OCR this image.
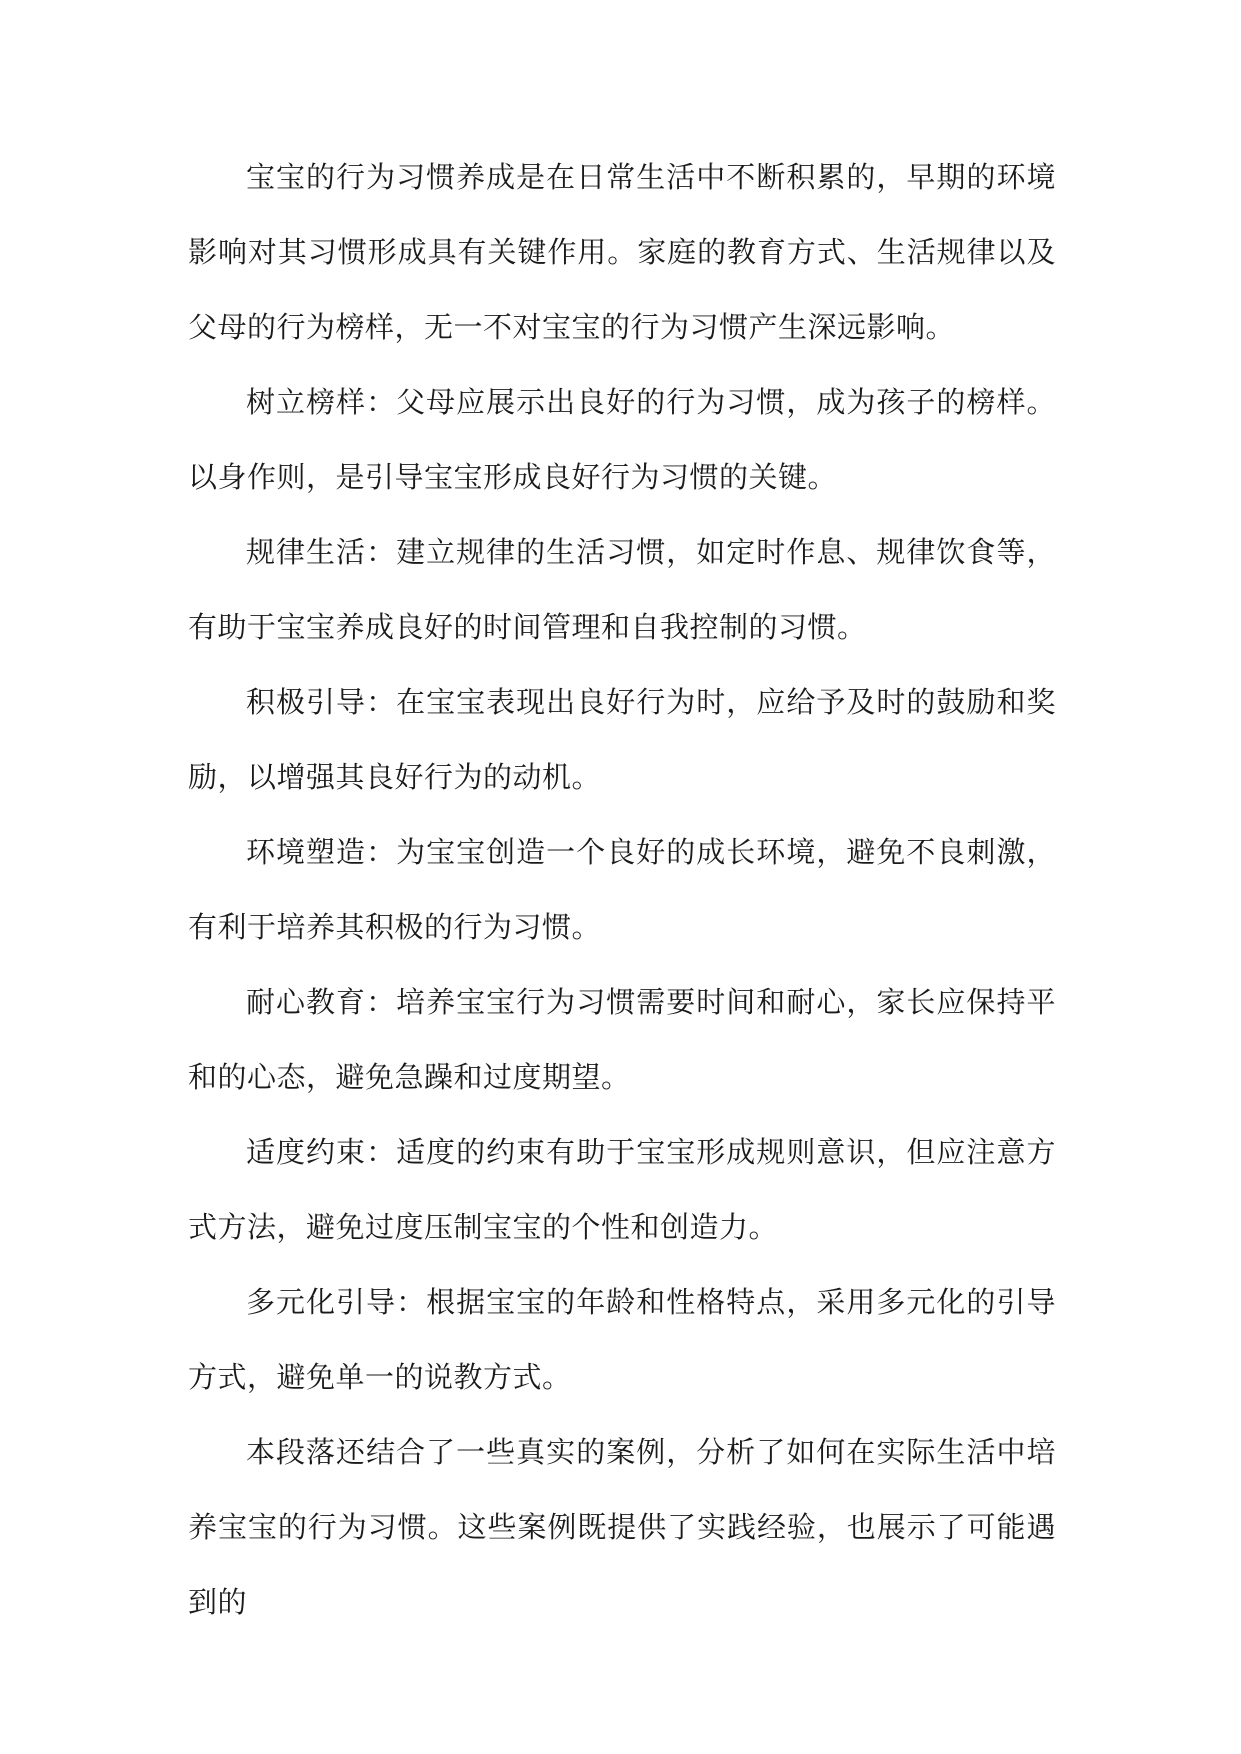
宝宝的行为习惯养成是在日常生活中不断积累的，早期的环境影响对其习惯形成具有关键作用。家庭的教育方式、生活规律以及父母的行为榜样，无一不对宝宝的行为习惯产生深远影响。

树立榜样：父母应展示出良好的行为习惯，成为孩子的榜样。以身作则，是引导宝宝形成良好行为习惯的关键。

规律生活：建立规律的生活习惯，如定时作息、规律饮食等，有助于宝宝养成良好的时间管理和自我控制的习惯。

积极引导：在宝宝表现出良好行为时，应给予及时的鼓励和奖励，以增强其良好行为的动机。

环境塑造：为宝宝创造一个良好的成长环境，避免不良刺激，有利于培养其积极的行为习惯。

耐心教育：培养宝宝行为习惯需要时间和耐心，家长应保持平和的心态，避免急躁和过度期望。

适度约束：适度的约束有助于宝宝形成规则意识，但应注意方式方法，避免过度压制宝宝的个性和创造力。

多元化引导：根据宝宝的年龄和性格特点，采用多元化的引导方式，避免单一的说教方式。

本段落还结合了一些真实的案例，分析了如何在实际生活中培养宝宝的行为习惯。这些案例既提供了实践经验，也展示了可能遇到的
